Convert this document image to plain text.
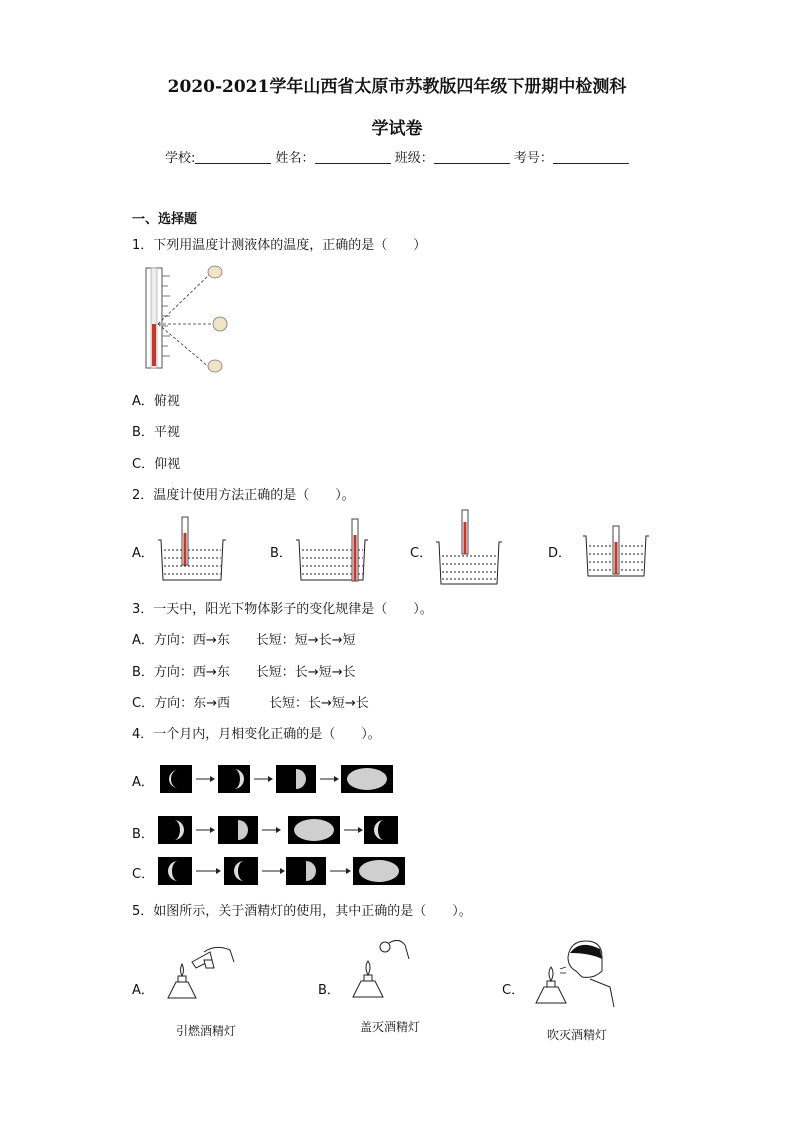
2020-2021学年山西省太原市苏教版四年级下册期中检测科
学试卷
学校:	姓名：	班级：	考号：
一、选择题
1．下列用温度计测液体的温度，正确的是（　　）
A．俯视
B．平视
C．仰视
2．温度计使用方法正确的是（　　）。
A．	B．	C．	D．
3．一天中，阳光下物体影子的变化规律是（　　）。
A．方向：西→东　　长短：短→长→短
B．方向：西→东　　长短：长→短→长
C．方向：东→西　　　长短：长→短→长
4．一个月内，月相变化正确的是（　　）。
A．
B．
C．
5．如图所示，关于酒精灯的使用，其中正确的是（　　）。
A．
引燃酒精灯
B．
盖灭酒精灯
C．
吹灭酒精灯
